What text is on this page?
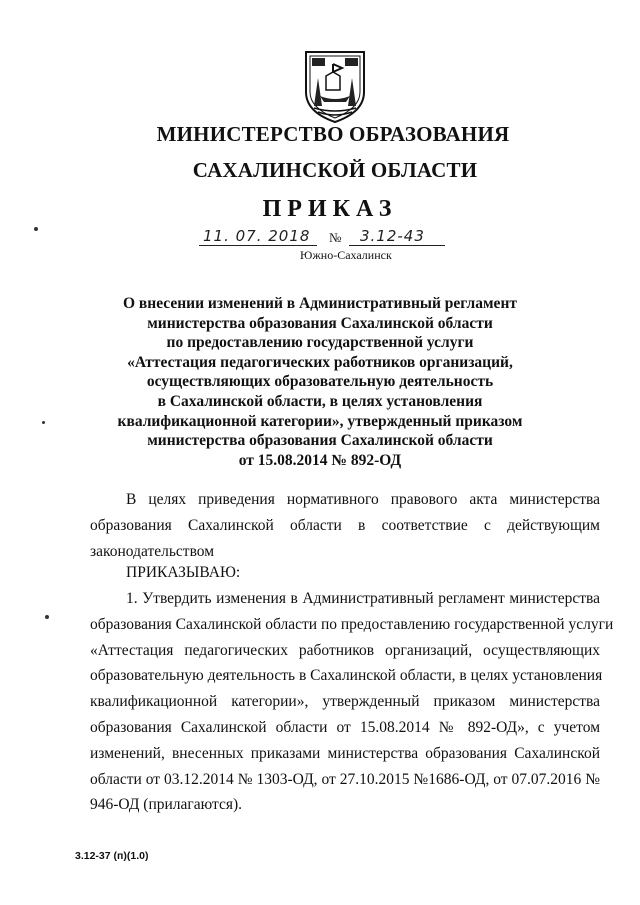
МИНИСТЕРСТВО ОБРАЗОВАНИЯ
САХАЛИНСКОЙ ОБЛАСТИ
ПРИКАЗ
11. 07. 2018 № 3.12-43
Южно-Сахалинск
О внесении изменений в Административный регламент
министерства образования Сахалинской области
по предоставлению государственной услуги
«Аттестация педагогических работников организаций,
осуществляющих образовательную деятельность
в Сахалинской области, в целях установления
квалификационной категории», утвержденный приказом
министерства образования Сахалинской области
от 15.08.2014 № 892-ОД
В целях приведения нормативного правового акта министерства
образования Сахалинской области в соответствие с действующим
законодательством
ПРИКАЗЫВАЮ:
1. Утвердить изменения в Административный регламент министерства
образования Сахалинской области по предоставлению государственной услуги
«Аттестация педагогических работников организаций, осуществляющих
образовательную деятельность в Сахалинской области, в целях установления
квалификационной категории», утвержденный приказом министерства
образования Сахалинской области от 15.08.2014 № 892-ОД», с учетом
изменений, внесенных приказами министерства образования Сахалинской
области от 03.12.2014 № 1303-ОД, от 27.10.2015 №1686-ОД, от 07.07.2016 №
946-ОД (прилагаются).
3.12-37 (п)(1.0)
